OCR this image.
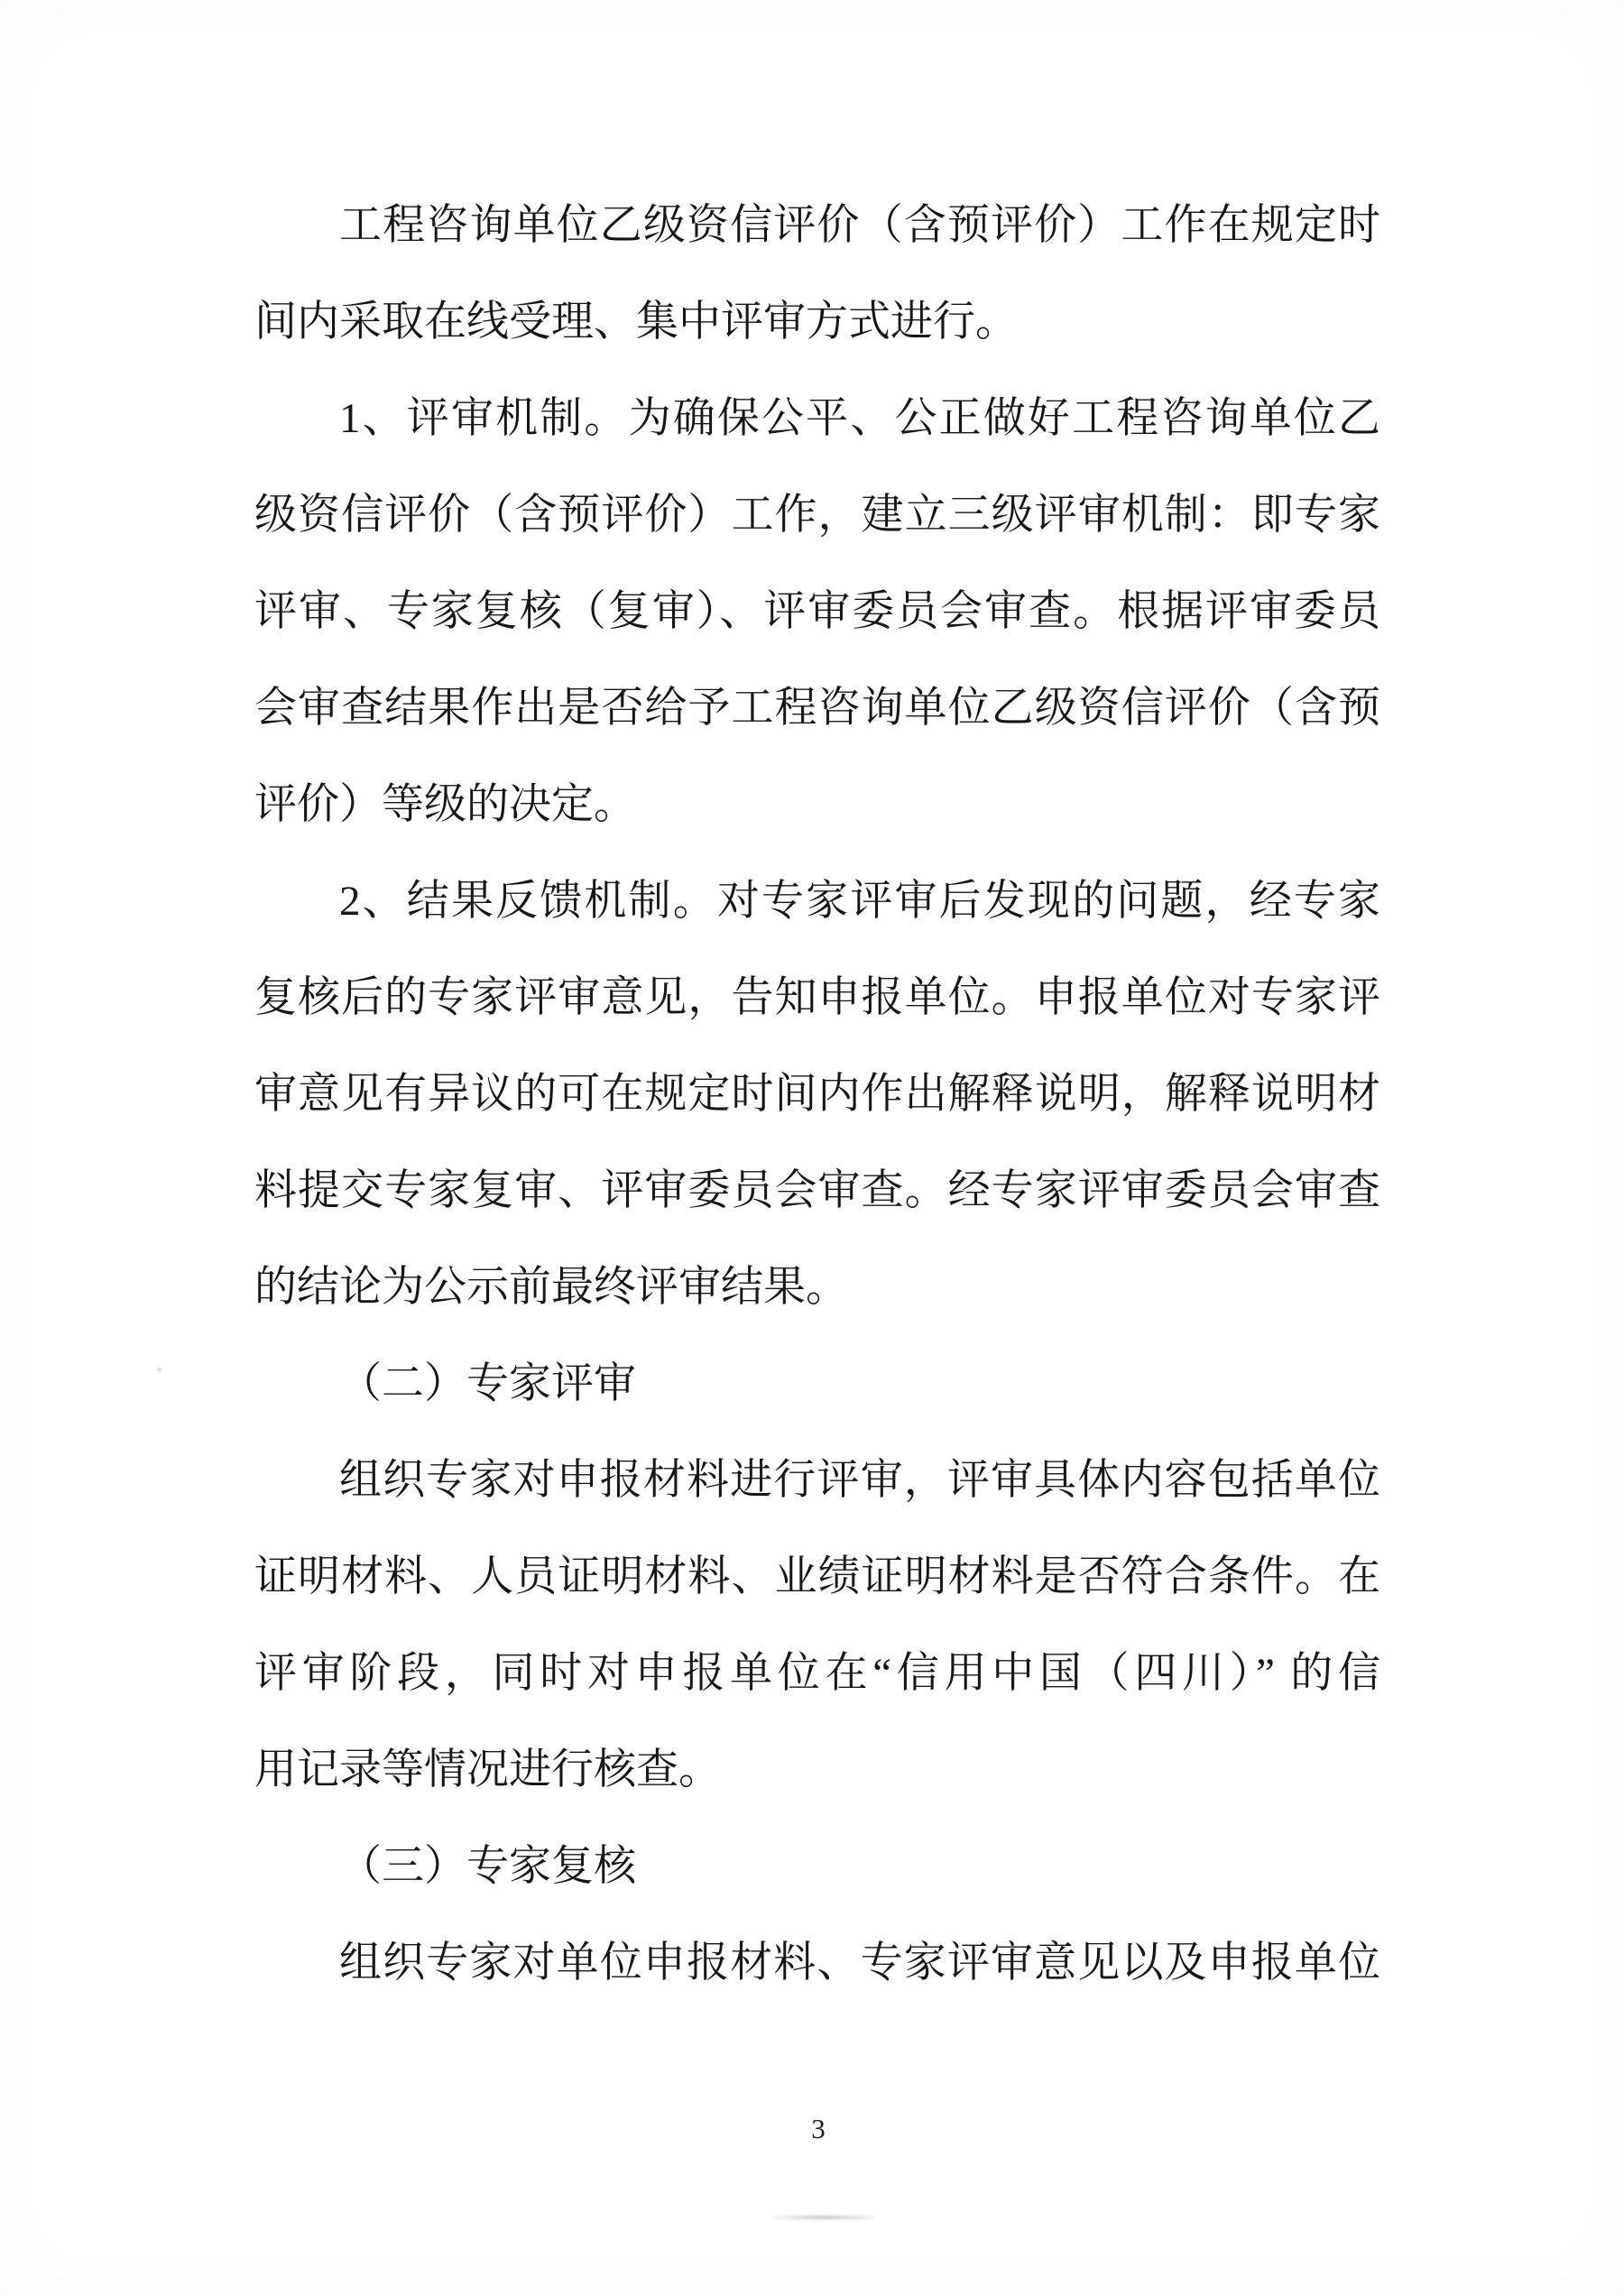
工程咨询单位乙级资信评价（含预评价）工作在规定时
间内采取在线受理、集中评审方式进行。
1、评审机制。为确保公平、公正做好工程咨询单位乙
级资信评价（含预评价）工作，建立三级评审机制：即专家
评审、专家复核（复审）、评审委员会审查。根据评审委员
会审查结果作出是否给予工程咨询单位乙级资信评价（含预
评价）等级的决定。
2、结果反馈机制。对专家评审后发现的问题，经专家
复核后的专家评审意见，告知申报单位。申报单位对专家评
审意见有异议的可在规定时间内作出解释说明，解释说明材
料提交专家复审、评审委员会审查。经专家评审委员会审查
的结论为公示前最终评审结果。
（二）专家评审
组织专家对申报材料进行评审，评审具体内容包括单位
证明材料、人员证明材料、业绩证明材料是否符合条件。在
评审阶段，同时对申报单位在“信用中国（四川）” 的信
用记录等情况进行核查。
（三）专家复核
组织专家对单位申报材料、专家评审意见以及申报单位
3
